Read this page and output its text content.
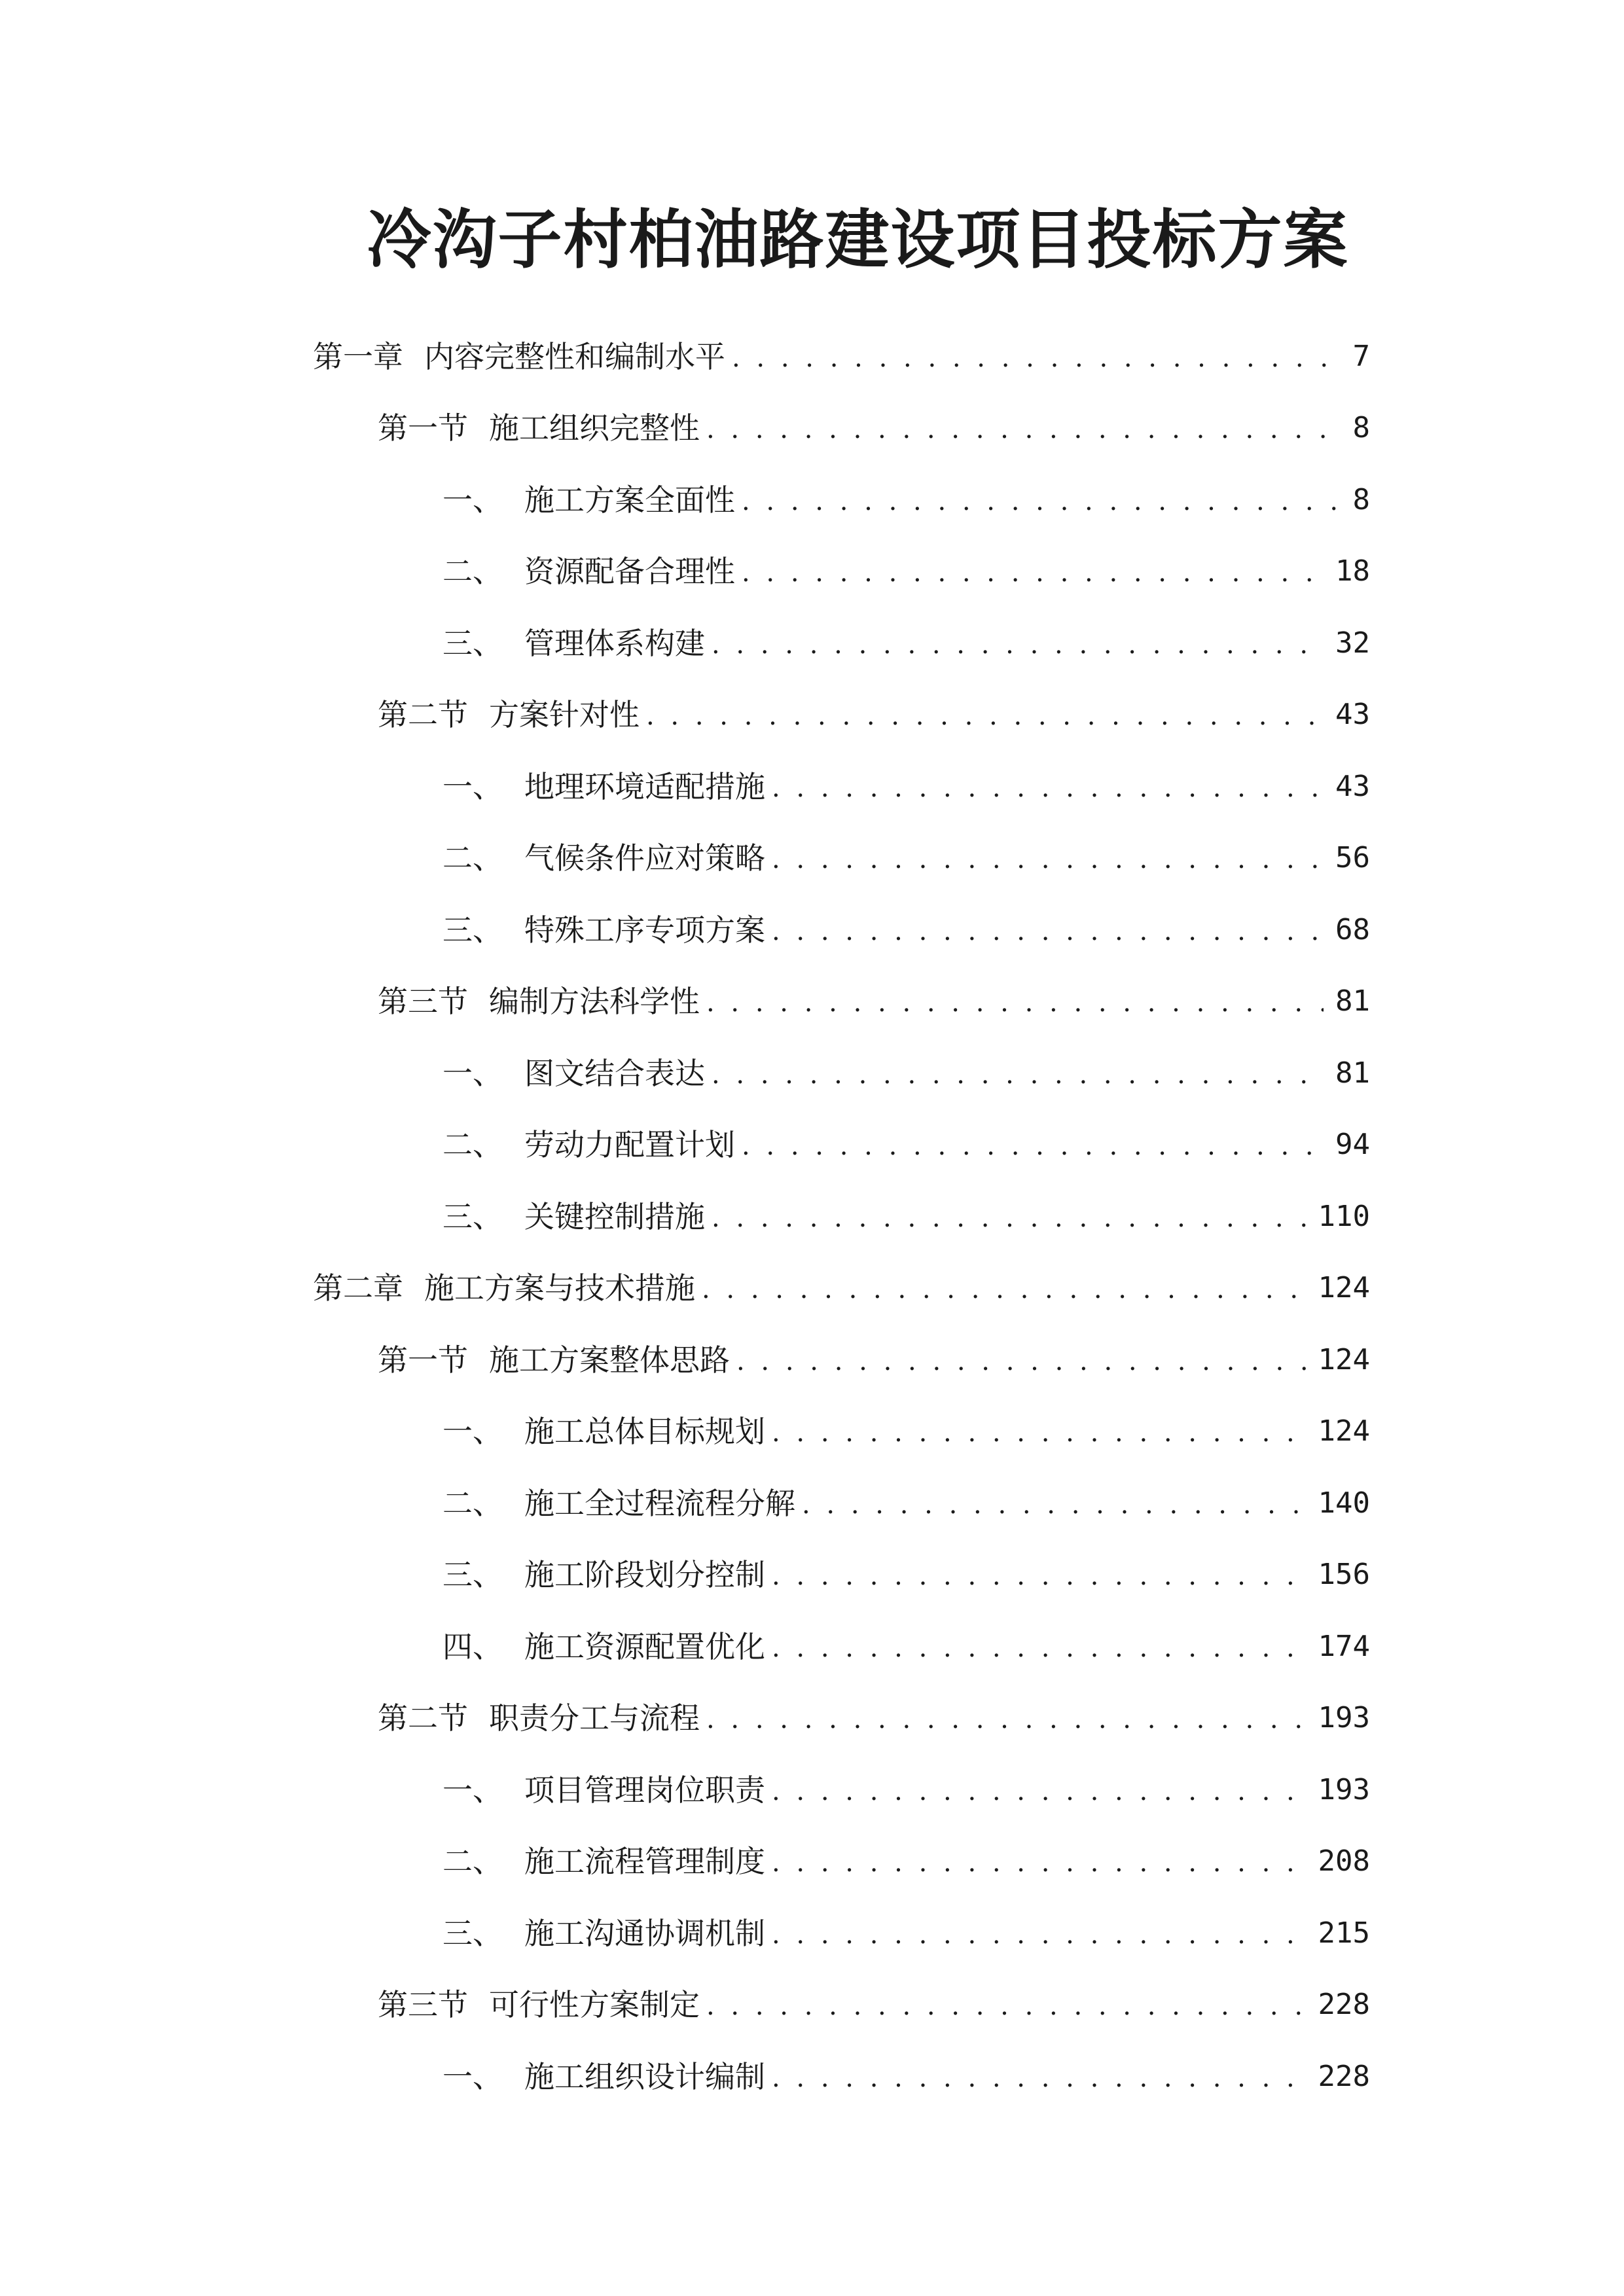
冷沟子村柏油路建设项目投标方案
第一章 内容完整性和编制水平 . . .	7
第一节 施工组织完整性 . . .	8
一、 施工方案全面性 . . .	8
二、 资源配备合理性 . . .	18
三、 管理体系构建 . . .	32
第二节 方案针对性 . . .	43
一、 地理环境适配措施 . . .	43
二、 气候条件应对策略 . . .	56
三、 特殊工序专项方案 . . .	68
第三节 编制方法科学性 . . .	81
一、 图文结合表达 . . .	81
二、 劳动力配置计划 . . .	94
三、 关键控制措施 . . .	110
第二章 施工方案与技术措施 . . .	124
第一节 施工方案整体思路 . . .	124
一、 施工总体目标规划 . . .	124
二、 施工全过程流程分解 . . .	140
三、 施工阶段划分控制 . . .	156
四、 施工资源配置优化 . . .	174
第二节 职责分工与流程 . . .	193
一、 项目管理岗位职责 . . .	193
二、 施工流程管理制度 . . .	208
三、 施工沟通协调机制 . . .	215
第三节 可行性方案制定 . . .	228
一、 施工组织设计编制 . . .	228
